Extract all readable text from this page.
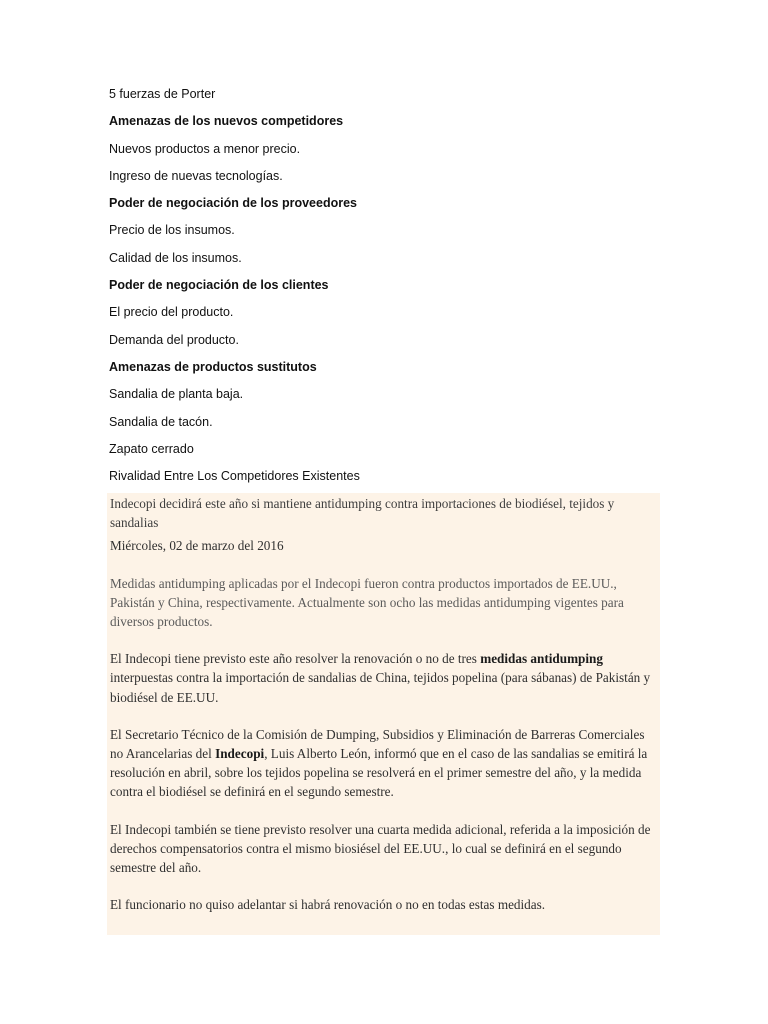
5 fuerzas de Porter
Amenazas de los nuevos competidores
Nuevos productos a menor precio.
Ingreso de nuevas tecnologías.
Poder de negociación de los proveedores
Precio de los insumos.
Calidad de los insumos.
Poder de negociación de los clientes
El precio del producto.
Demanda del producto.
Amenazas de productos sustitutos
Sandalia de planta baja.
Sandalia de tacón.
Zapato cerrado
Rivalidad Entre Los Competidores Existentes

Indecopi decidirá este año si mantiene antidumping contra importaciones de biodiésel, tejidos y sandalias

Miércoles, 02 de marzo del 2016

Medidas antidumping aplicadas por el Indecopi fueron contra productos importados de EE.UU., Pakistán y China, respectivamente. Actualmente son ocho las medidas antidumping vigentes para diversos productos.

El Indecopi tiene previsto este año resolver la renovación o no de tres medidas antidumping interpuestas contra la importación de sandalias de China, tejidos popelina (para sábanas) de Pakistán y biodiésel de EE.UU.

El Secretario Técnico de la Comisión de Dumping, Subsidios y Eliminación de Barreras Comerciales no Arancelarias del Indecopi, Luis Alberto León, informó que en el caso de las sandalias se emitirá la resolución en abril, sobre los tejidos popelina se resolverá en el primer semestre del año, y la medida contra el biodiésel se definirá en el segundo semestre.

El Indecopi también se tiene previsto resolver una cuarta medida adicional, referida a la imposición de derechos compensatorios contra el mismo biosiésel del EE.UU., lo cual se definirá en el segundo semestre del año.

El funcionario no quiso adelantar si habrá renovación o no en todas estas medidas.
